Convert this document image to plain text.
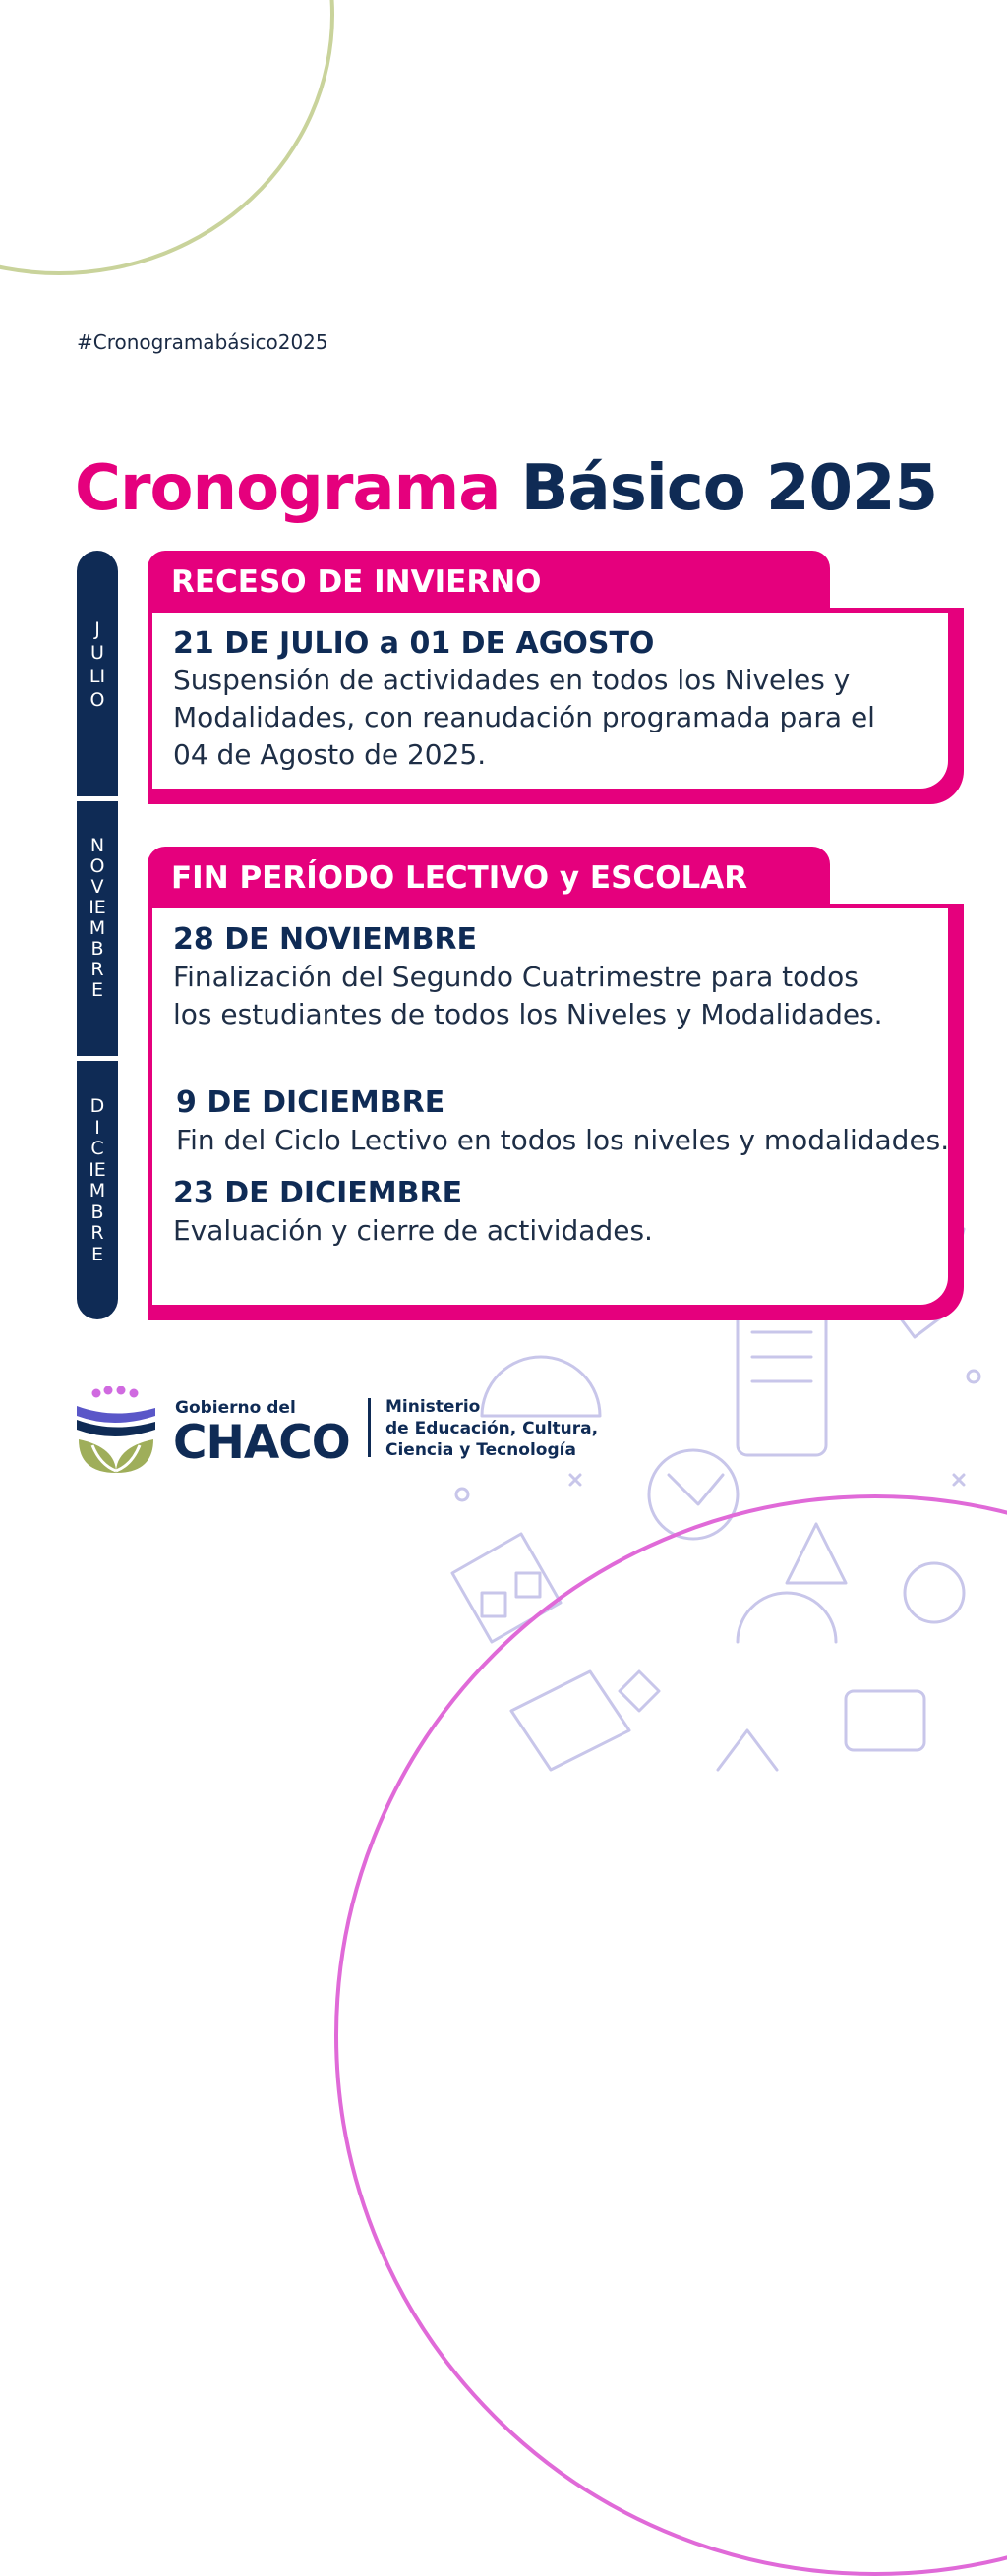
#Cronogramabásico2025
Cronograma Básico 2025
JULIO
NOVIEMBRE
DICIEMBRE
RECESO DE INVIERNO
21 DE JULIO a 01 DE AGOSTO
Suspensión de actividades en todos los Niveles y
Modalidades, con reanudación programada para el
04 de Agosto de 2025.
FIN PERÍODO LECTIVO y ESCOLAR
28 DE NOVIEMBRE
Finalización del Segundo Cuatrimestre para todos
los estudiantes de todos los Niveles y Modalidades.
9 DE DICIEMBRE
Fin del Ciclo Lectivo en todos los niveles y modalidades.
23 DE DICIEMBRE
Evaluación y cierre de actividades.
Gobierno del
CHACO
Ministerio
de Educación, Cultura,
Ciencia y Tecnología
